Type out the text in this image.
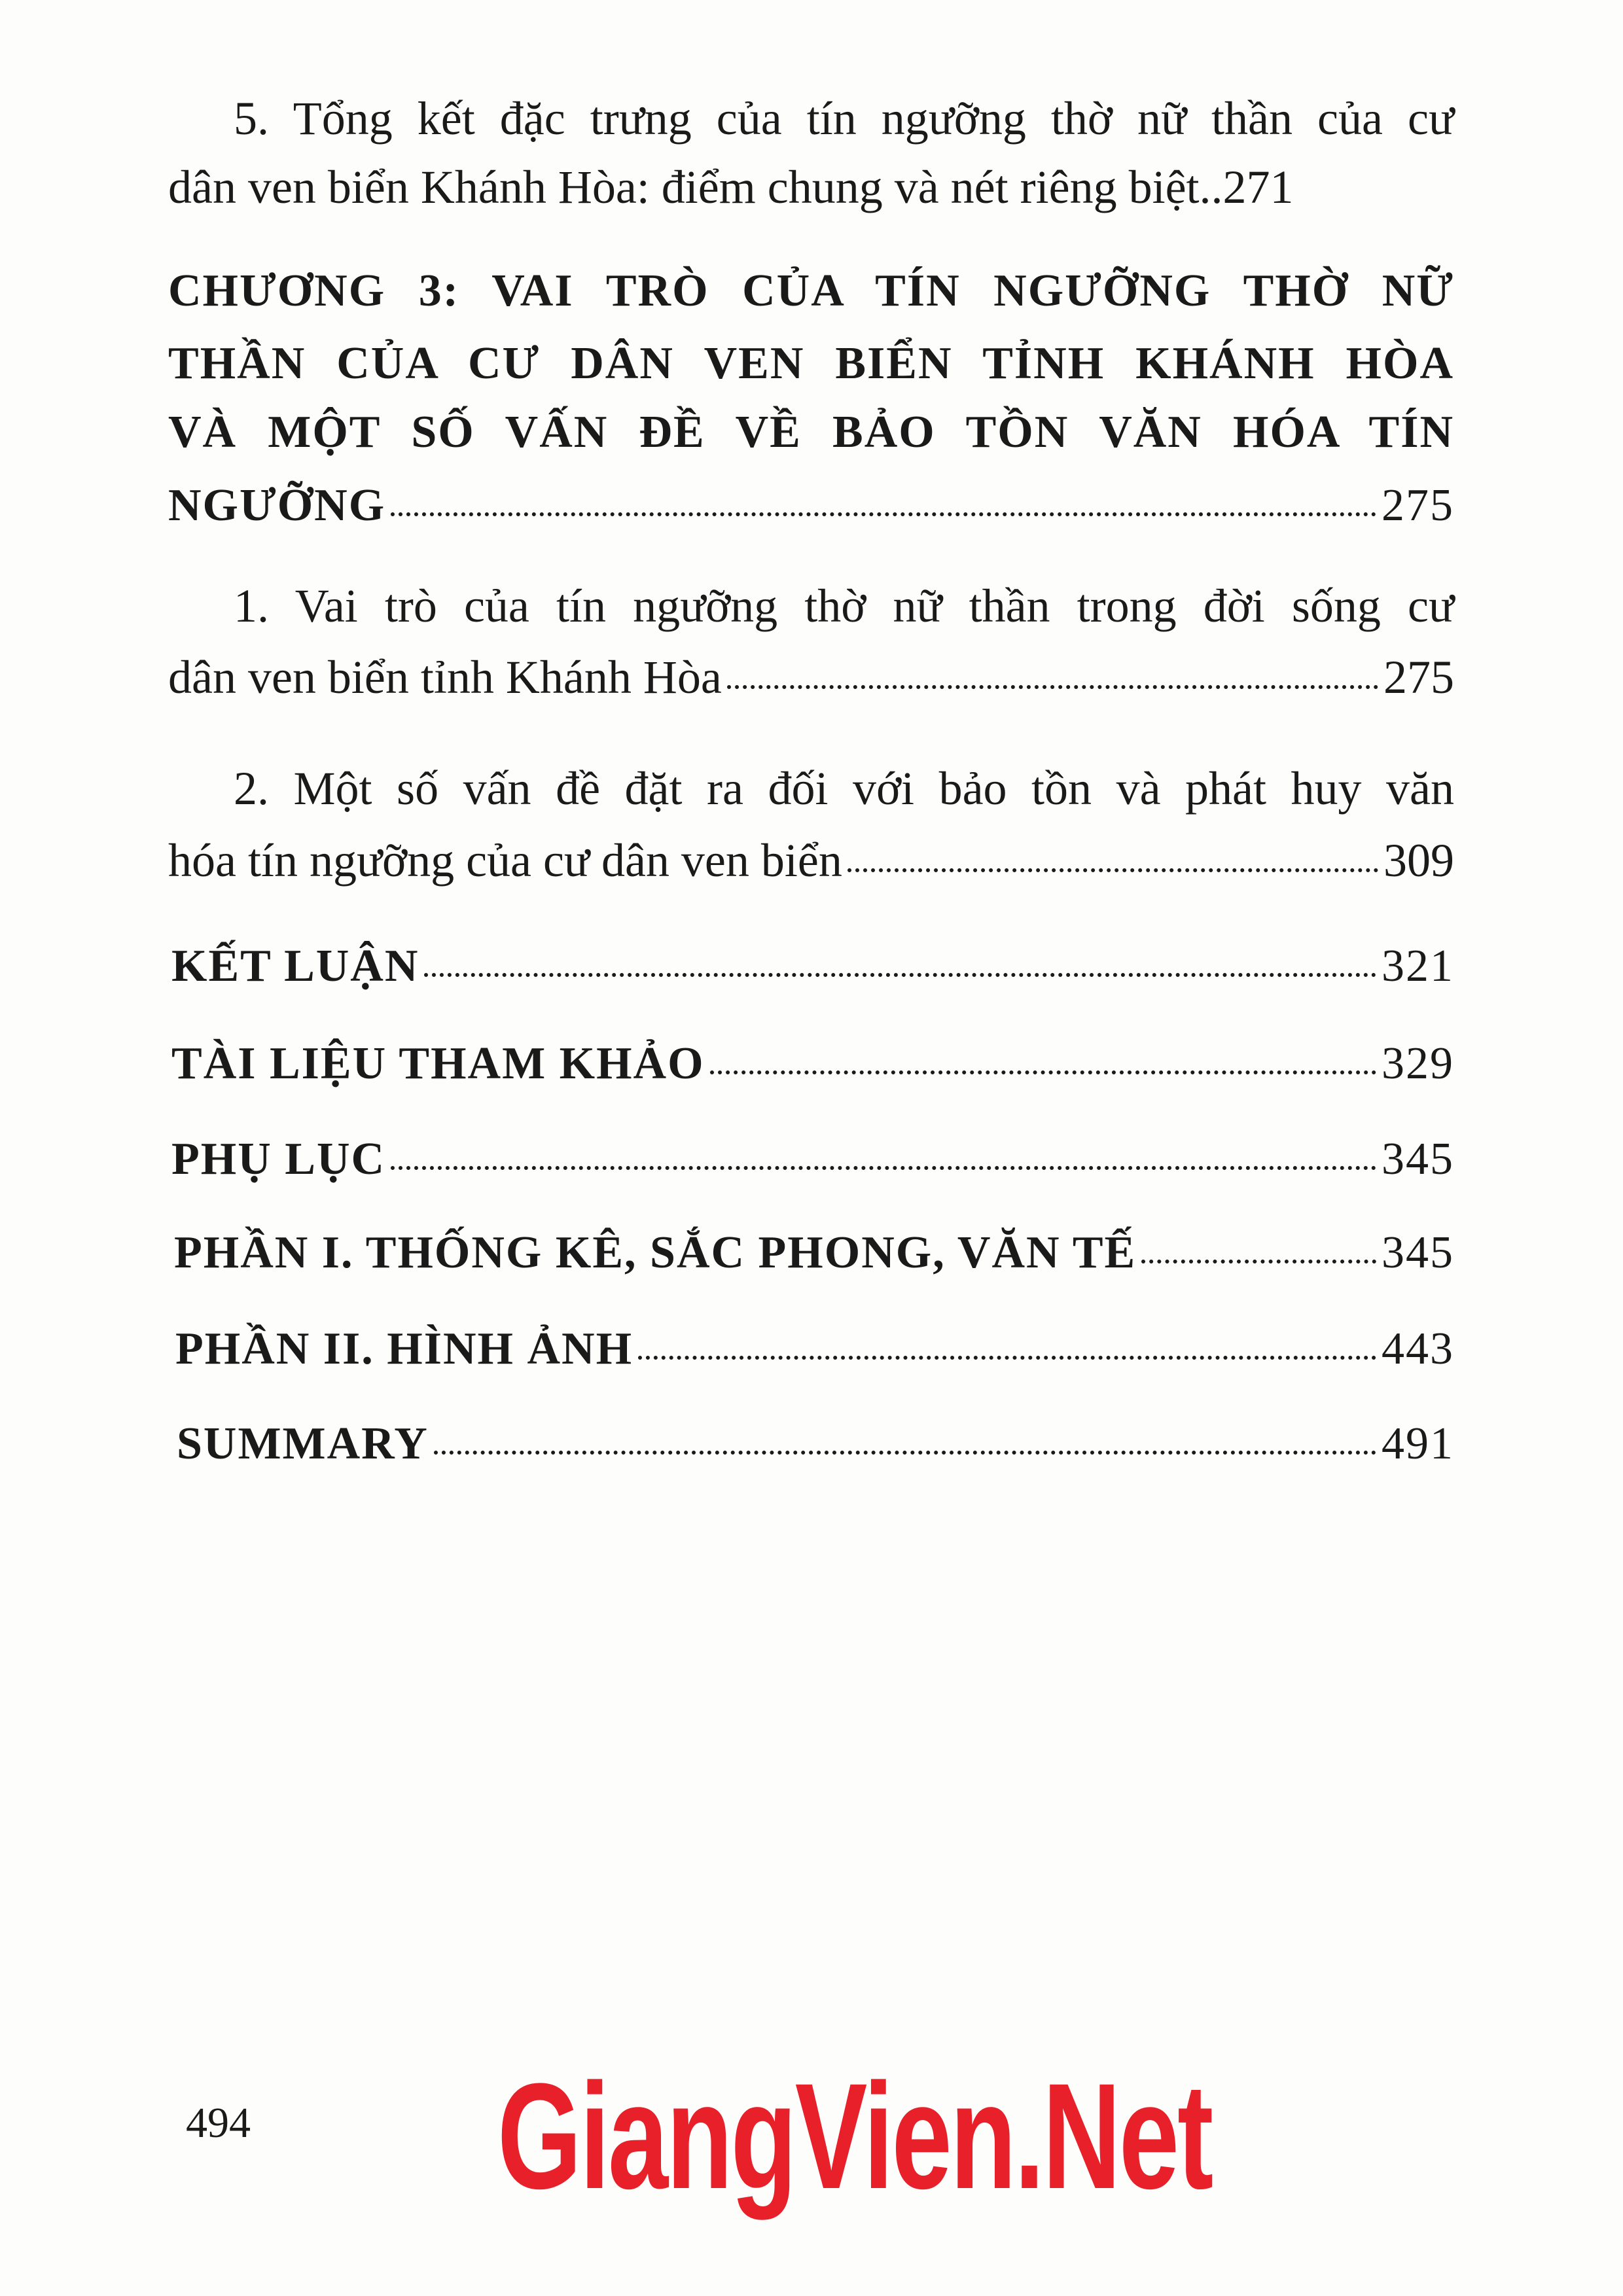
5. Tổng kết đặc trưng của tín ngưỡng thờ nữ thần của cư
dân ven biển Khánh Hòa: điểm chung và nét riêng biệt ..271
CHƯƠNG 3: VAI TRÒ CỦA TÍN NGƯỠNG THỜ NỮ
THẦN CỦA CƯ DÂN VEN BIỂN TỈNH KHÁNH HÒA
VÀ MỘT SỐ VẤN ĐỀ VỀ BẢO TỒN VĂN HÓA TÍN
NGƯỠNG	275
1. Vai trò của tín ngưỡng thờ nữ thần trong đời sống cư
dân ven biển tỉnh Khánh Hòa	275
2. Một số vấn đề đặt ra đối với bảo tồn và phát huy văn
hóa tín ngưỡng của cư dân ven biển	309
KẾT LUẬN	321
TÀI LIỆU THAM KHẢO	329
PHỤ LỤC	345
PHẦN I. THỐNG KÊ, SẮC PHONG, VĂN TẾ	345
PHẦN II. HÌNH ẢNH	443
SUMMARY	491
494 GiangVien.Net
